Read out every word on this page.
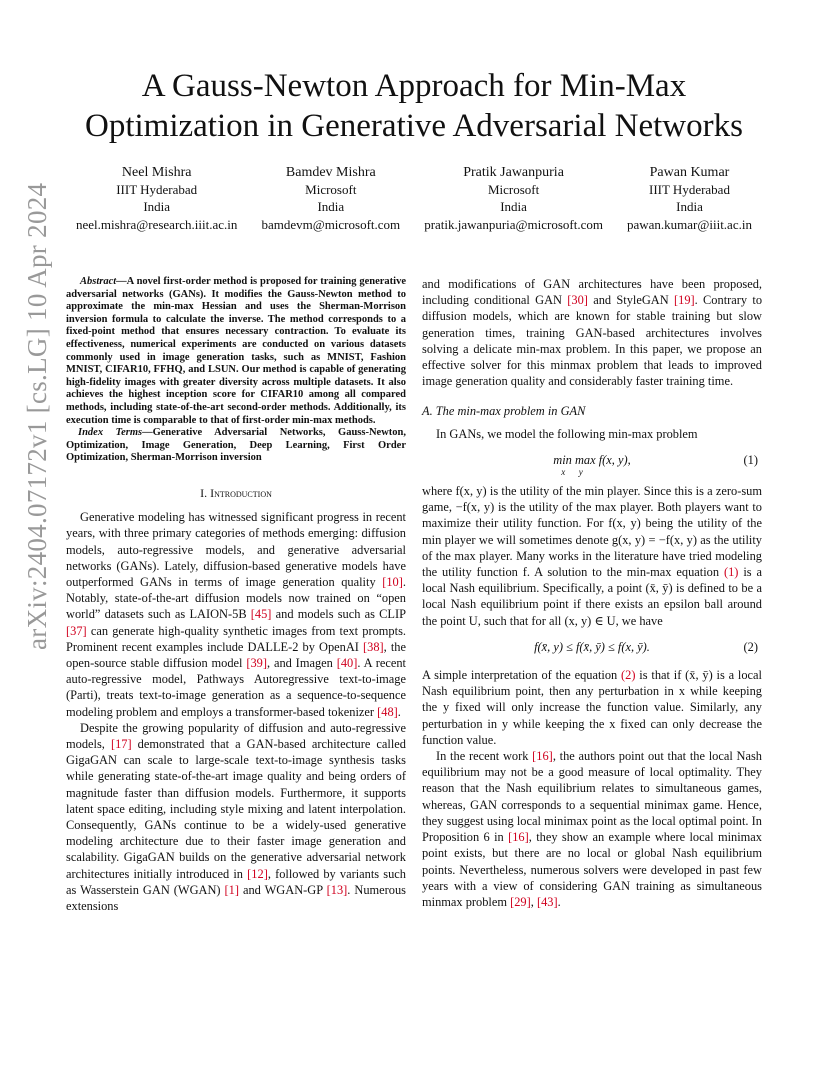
arXiv:2404.07172v1 [cs.LG] 10 Apr 2024
A Gauss-Newton Approach for Min-Max
Optimization in Generative Adversarial Networks
Neel Mishra
IIIT Hyderabad
India
neel.mishra@research.iiit.ac.in
Bamdev Mishra
Microsoft
India
bamdevm@microsoft.com
Pratik Jawanpuria
Microsoft
India
pratik.jawanpuria@microsoft.com
Pawan Kumar
IIIT Hyderabad
India
pawan.kumar@iiit.ac.in

Abstract—A novel first-order method is proposed for training generative adversarial networks (GANs). It modifies the Gauss-Newton method to approximate the min-max Hessian and uses the Sherman-Morrison inversion formula to calculate the inverse. The method corresponds to a fixed-point method that ensures necessary contraction. To evaluate its effectiveness, numerical experiments are conducted on various datasets commonly used in image generation tasks, such as MNIST, Fashion MNIST, CIFAR10, FFHQ, and LSUN. Our method is capable of generating high-fidelity images with greater diversity across multiple datasets. It also achieves the highest inception score for CIFAR10 among all compared methods, including state-of-the-art second-order methods. Additionally, its execution time is comparable to that of first-order min-max methods.

Index Terms—Generative Adversarial Networks, Gauss-Newton, Optimization, Image Generation, Deep Learning, First Order Optimization, Sherman-Morrison inversion

I. Introduction

Generative modeling has witnessed significant progress in recent years, with three primary categories of methods emerging: diffusion models, auto-regressive models, and generative adversarial networks (GANs). Lately, diffusion-based generative models have outperformed GANs in terms of image generation quality [10]. Notably, state-of-the-art diffusion models now trained on “open world” datasets such as LAION-5B [45] and models such as CLIP [37] can generate high-quality synthetic images from text prompts. Prominent recent examples include DALLE-2 by OpenAI [38], the open-source stable diffusion model [39], and Imagen [40]. A recent auto-regressive model, Pathways Autoregressive text-to-image (Parti), treats text-to-image generation as a sequence-to-sequence modeling problem and employs a transformer-based tokenizer [48].

Despite the growing popularity of diffusion and auto-regressive models, [17] demonstrated that a GAN-based architecture called GigaGAN can scale to large-scale text-to-image synthesis tasks while generating state-of-the-art image quality and being orders of magnitude faster than diffusion models. Furthermore, it supports latent space editing, including style mixing and latent interpolation. Consequently, GANs continue to be a widely-used generative modeling architecture due to their faster image generation and scalability. GigaGAN builds on the generative adversarial network architectures initially introduced in [12], followed by variants such as Wasserstein GAN (WGAN) [1] and WGAN-GP [13]. Numerous extensions

and modifications of GAN architectures have been proposed, including conditional GAN [30] and StyleGAN [19]. Contrary to diffusion models, which are known for stable training but slow generation times, training GAN-based architectures involves solving a delicate min-max problem. In this paper, we propose an effective solver for this minmax problem that leads to improved image generation quality and considerably faster training time.

A. The min-max problem in GAN

In GANs, we model the following min-max problem

min max f(x, y),	(1)
x      y

where f(x, y) is the utility of the min player. Since this is a zero-sum game, −f(x, y) is the utility of the max player. Both players want to maximize their utility function. For f(x, y) being the utility of the min player we will sometimes denote g(x, y) = −f(x, y) as the utility of the max player. Many works in the literature have tried modeling the utility function f. A solution to the min-max equation (1) is a local Nash equilibrium. Specifically, a point (x̄, ȳ) is defined to be a local Nash equilibrium point if there exists an epsilon ball around the point U, such that for all (x, y) ∈ U, we have

f(x̄, y) ≤ f(x̄, ȳ) ≤ f(x, ȳ).	(2)

A simple interpretation of the equation (2) is that if (x̄, ȳ) is a local Nash equilibrium point, then any perturbation in x while keeping the y fixed will only increase the function value. Similarly, any perturbation in y while keeping the x fixed can only decrease the function value.

In the recent work [16], the authors point out that the local Nash equilibrium may not be a good measure of local optimality. They reason that the Nash equilibrium relates to simultaneous games, whereas, GAN corresponds to a sequential minimax game. Hence, they suggest using local minimax point as the local optimal point. In Proposition 6 in [16], they show an example where local minimax point exists, but there are no local or global Nash equilibrium points. Nevertheless, numerous solvers were developed in past few years with a view of considering GAN training as simultaneous minmax problem [29], [43].
